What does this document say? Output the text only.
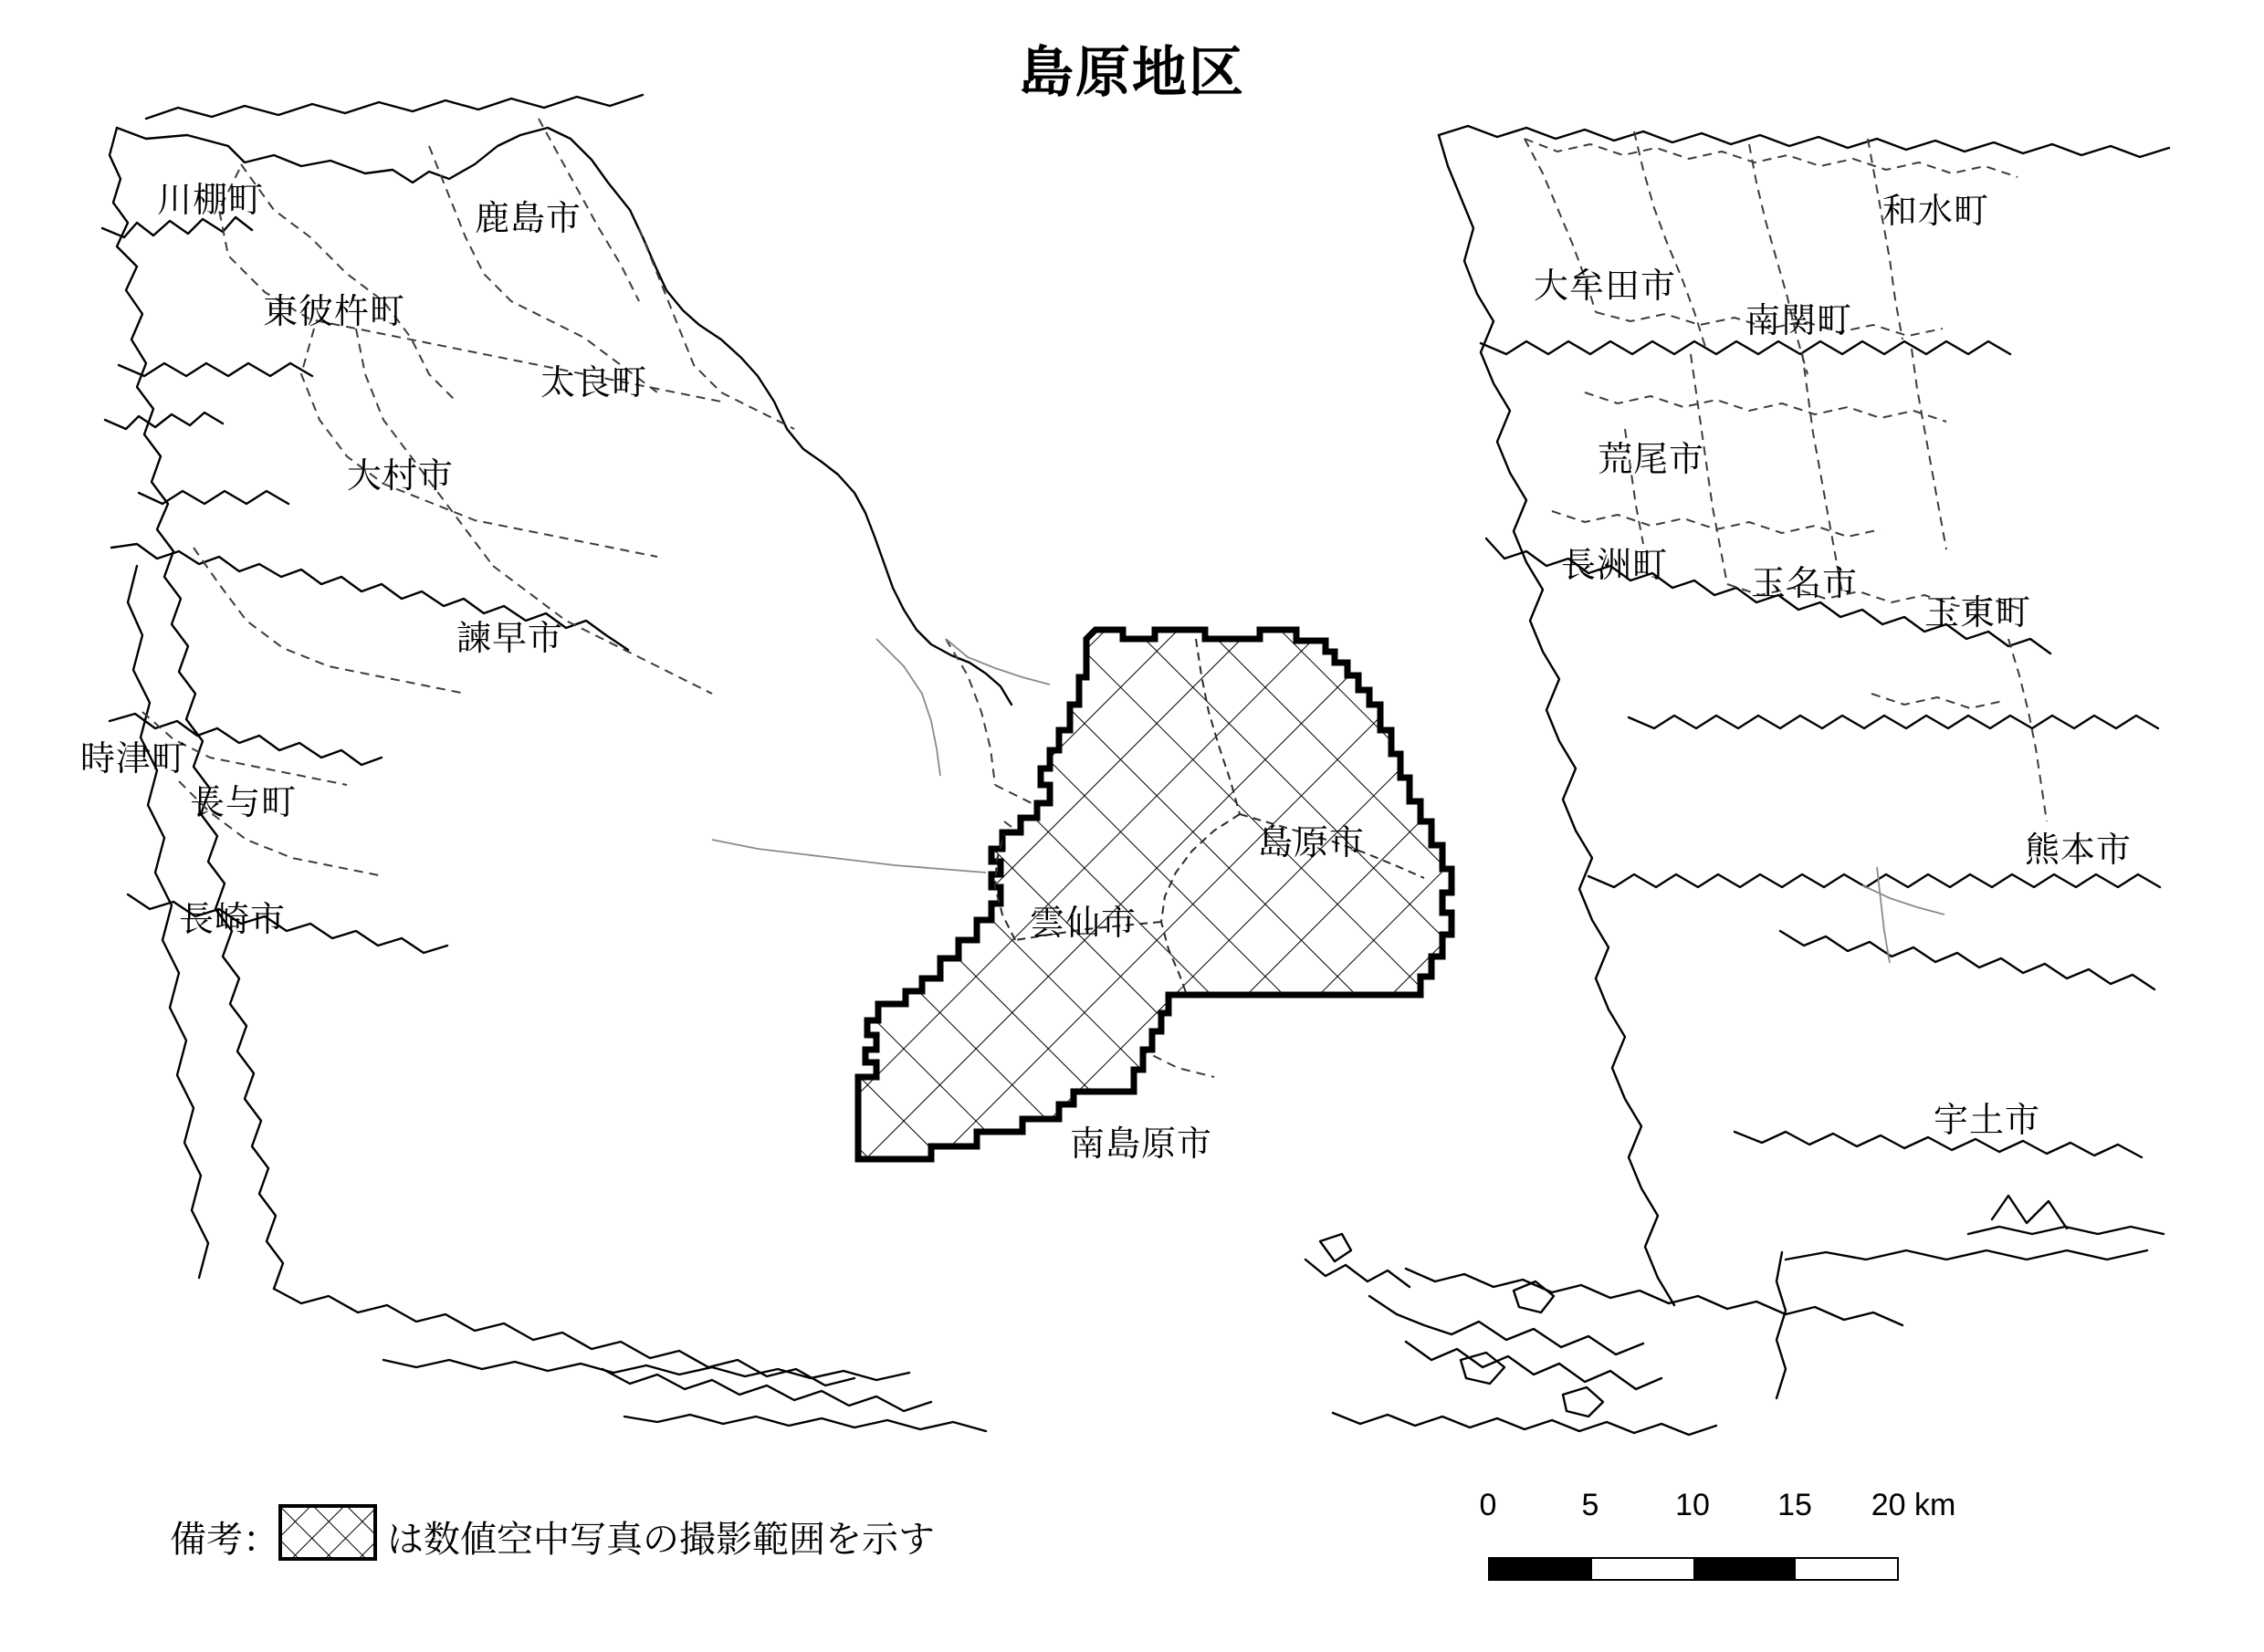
島原地区
川棚町	鹿島市
東彼杵町
太良町
大村市
諫早市
時津町
長与町
長崎市	雲仙市
島原市
南島原市
大牟田市
南関町
和水町
荒尾市
長洲町 玉名市
玉東町
熊本市
宇土市
備考：	は数値空中写真の撮影範囲を示す
0	5 10 15 20 km
